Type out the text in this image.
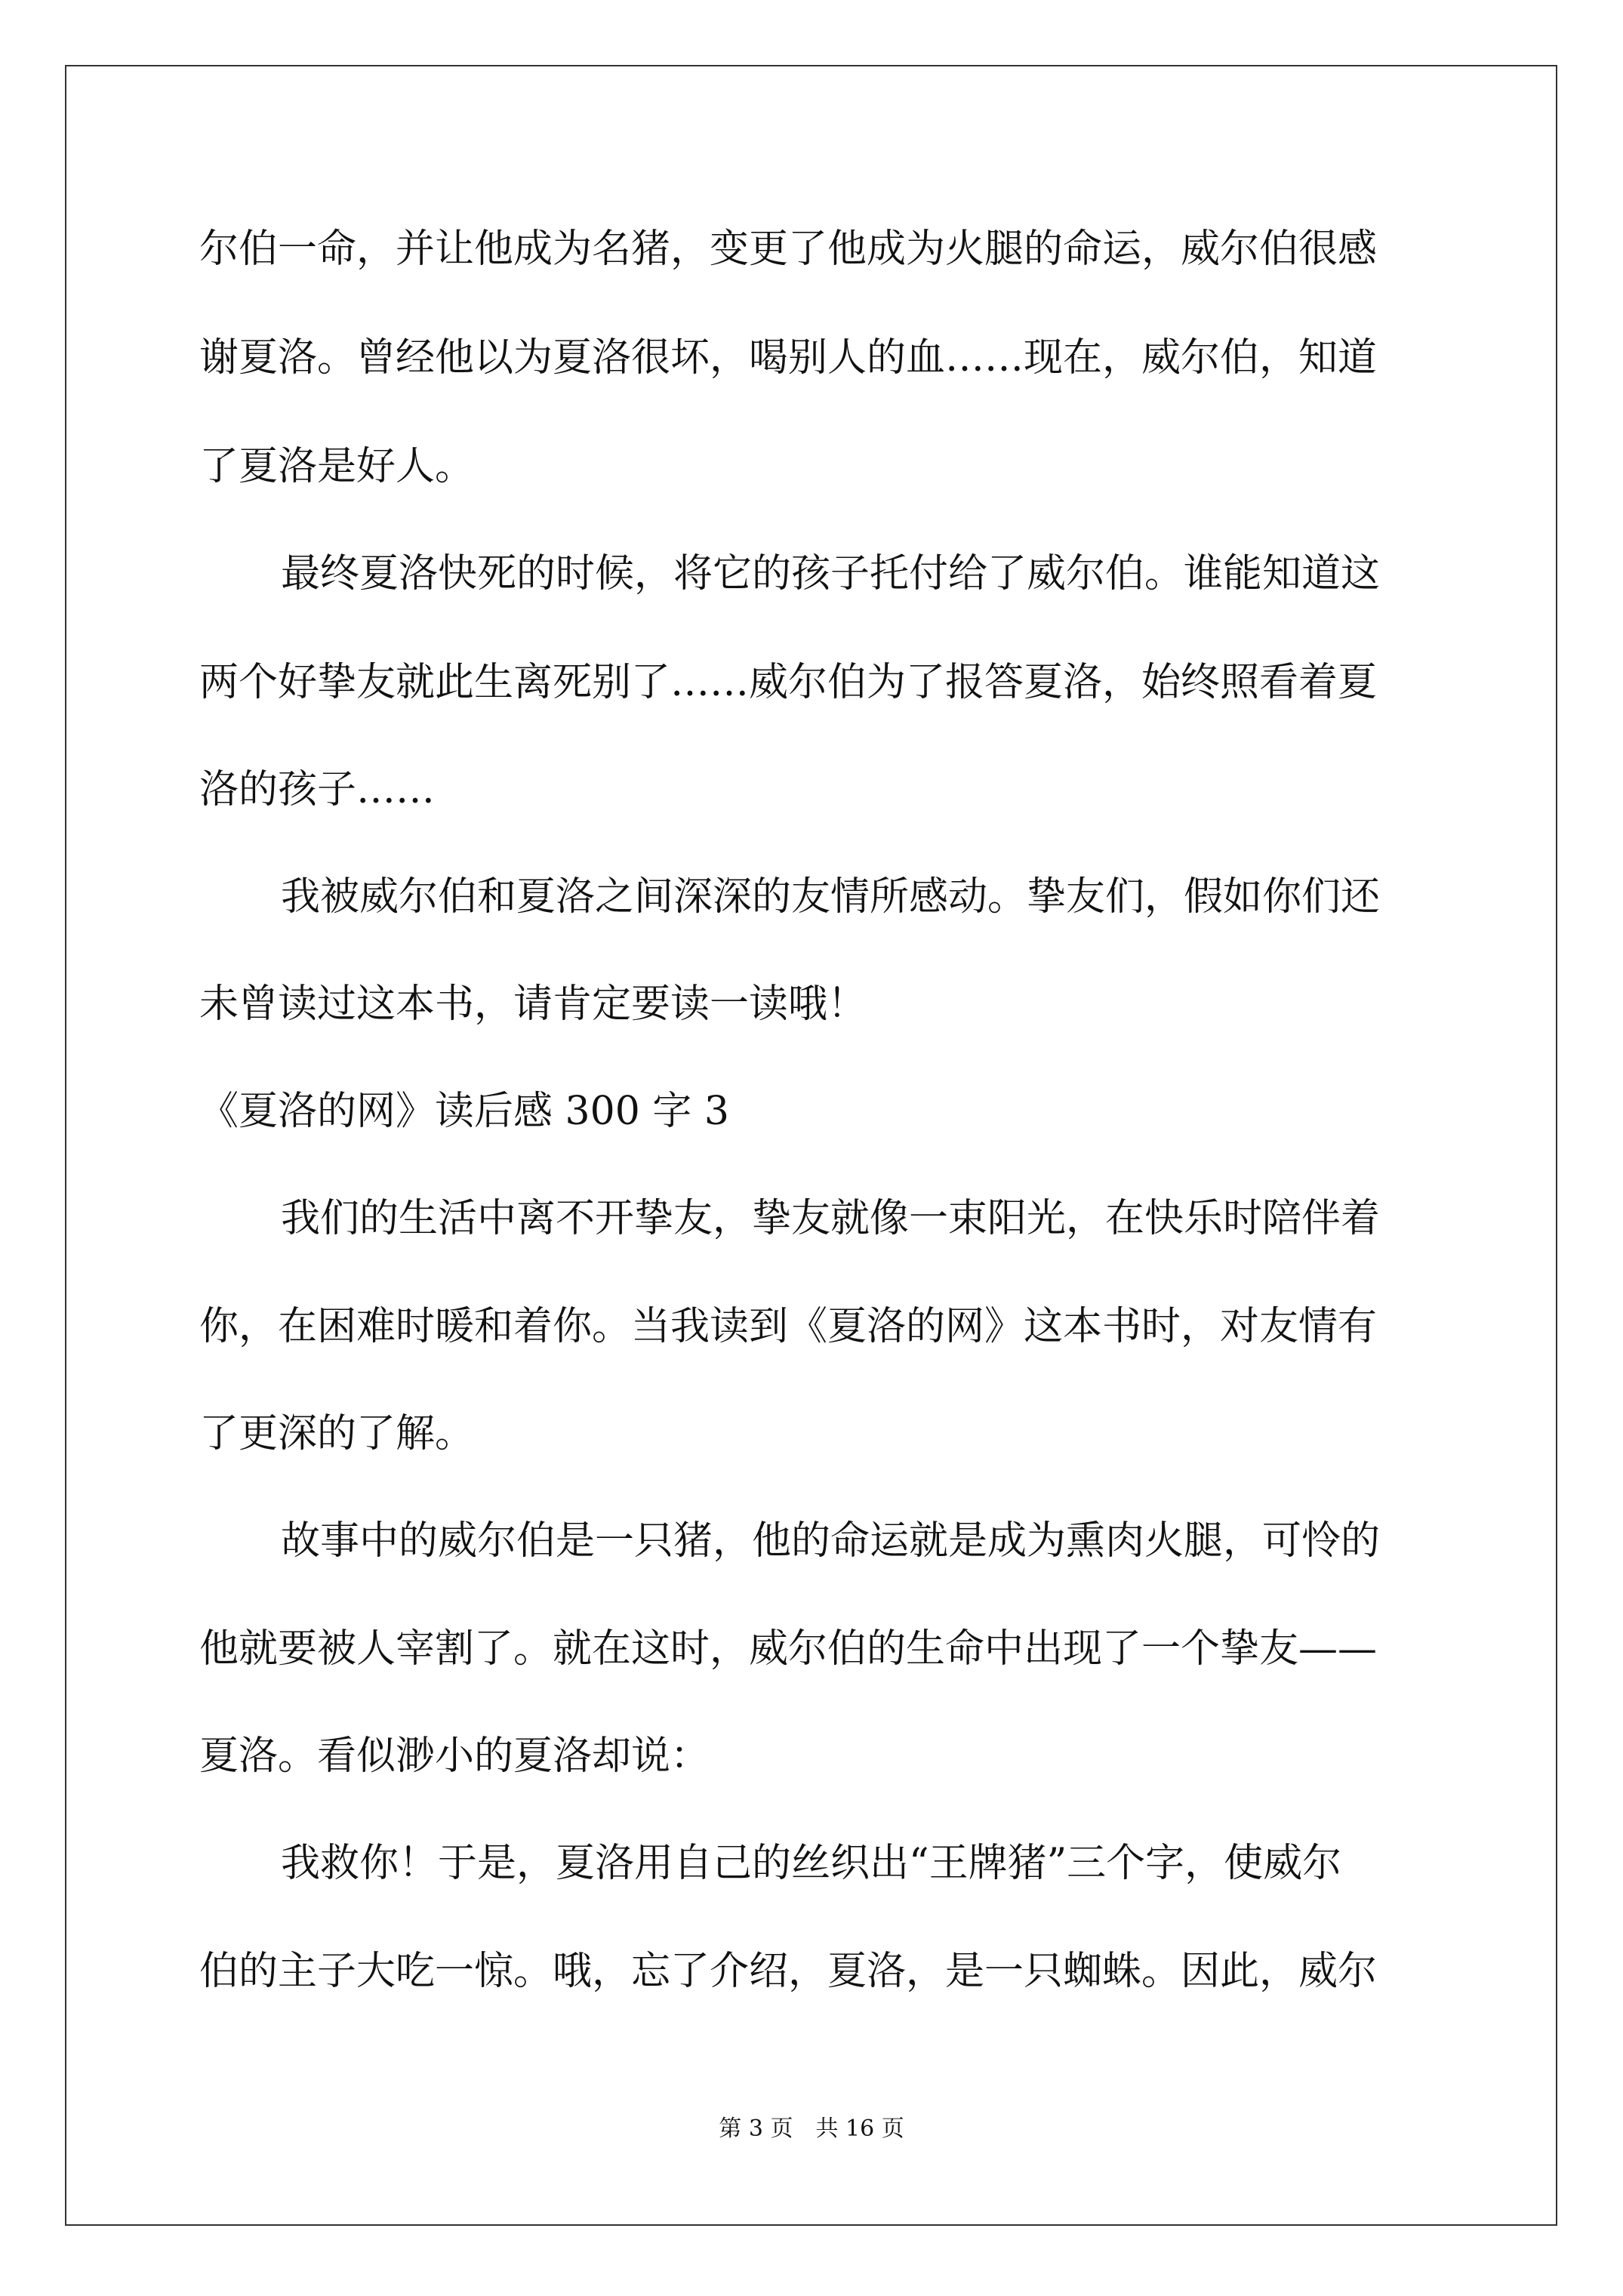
尔伯一命，并让他成为名猪，变更了他成为火腿的命运，威尔伯很感
谢夏洛。曾经他以为夏洛很坏，喝别人的血……现在，威尔伯，知道
了夏洛是好人。
最终夏洛快死的时候，将它的孩子托付给了威尔伯。谁能知道这
两个好挚友就此生离死别了……威尔伯为了报答夏洛，始终照看着夏
洛的孩子……
我被威尔伯和夏洛之间深深的友情所感动。挚友们，假如你们还
未曾读过这本书，请肯定要读一读哦！
《夏洛的网》读后感 300 字 3
我们的生活中离不开挚友，挚友就像一束阳光，在快乐时陪伴着
你，在困难时暖和着你。当我读到《夏洛的网》这本书时，对友情有
了更深的了解。
故事中的威尔伯是一只猪，他的命运就是成为熏肉火腿，可怜的
他就要被人宰割了。就在这时，威尔伯的生命中出现了一个挚友——
夏洛。看似渺小的夏洛却说：
我救你！于是，夏洛用自己的丝织出“王牌猪”三个字，使威尔
伯的主子大吃一惊。哦，忘了介绍，夏洛，是一只蜘蛛。因此，威尔
第 3 页　共 16 页
